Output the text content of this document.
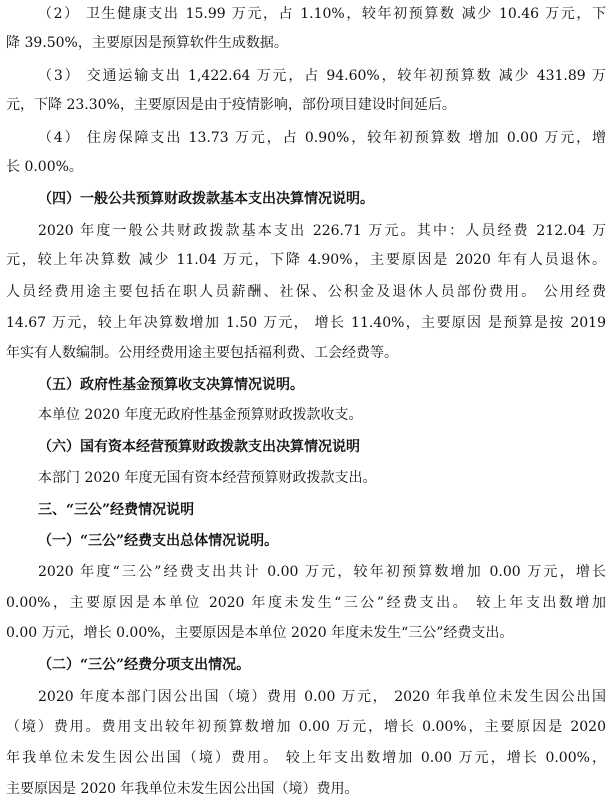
（2） 卫生健康支出 15.99 万元，占 1.10%，较年初预算数 减少 10.46 万元，下
降 39.50%，主要原因是预算软件生成数据。
（3） 交通运输支出 1,422.64 万元，占 94.60%，较年初预算数 减少 431.89 万
元，下降 23.30%，主要原因是由于疫情影响，部份项目建设时间延后。
（4） 住房保障支出 13.73 万元，占 0.90%，较年初预算数 增加 0.00 万元，增
长 0.00%。
（四）一般公共预算财政拨款基本支出决算情况说明。
2020 年度一般公共财政拨款基本支出 226.71 万元。其中：人员经费 212.04 万
元，较上年决算数 减少 11.04 万元，下降 4.90%，主要原因是 2020 年有人员退休。
人员经费用途主要包括在职人员薪酬、社保、公积金及退休人员部份费用。 公用经费
14.67 万元，较上年决算数增加 1.50 万元， 增长 11.40%，主要原因 是预算是按 2019
年实有人数编制。公用经费用途主要包括福利费、工会经费等。
（五）政府性基金预算收支决算情况说明。
本单位 2020 年度无政府性基金预算财政拨款收支。
（六）国有资本经营预算财政拨款支出决算情况说明
本部门 2020 年度无国有资本经营预算财政拨款支出。
三、“三公”经费情况说明
（一）“三公”经费支出总体情况说明。
2020 年度“三公”经费支出共计 0.00 万元，较年初预算数增加 0.00 万元，增长
0.00%，主要原因是本单位 2020 年度未发生“三公”经费支出。 较上年支出数增加
0.00 万元，增长 0.00%，主要原因是本单位 2020 年度未发生“三公”经费支出。
（二）“三公”经费分项支出情况。
2020 年度本部门因公出国（境）费用 0.00 万元， 2020 年我单位未发生因公出国
（境）费用。费用支出较年初预算数增加 0.00 万元，增长 0.00%，主要原因是 2020
年我单位未发生因公出国（境）费用。 较上年支出数增加 0.00 万元，增长 0.00%，
主要原因是 2020 年我单位未发生因公出国（境）费用。
